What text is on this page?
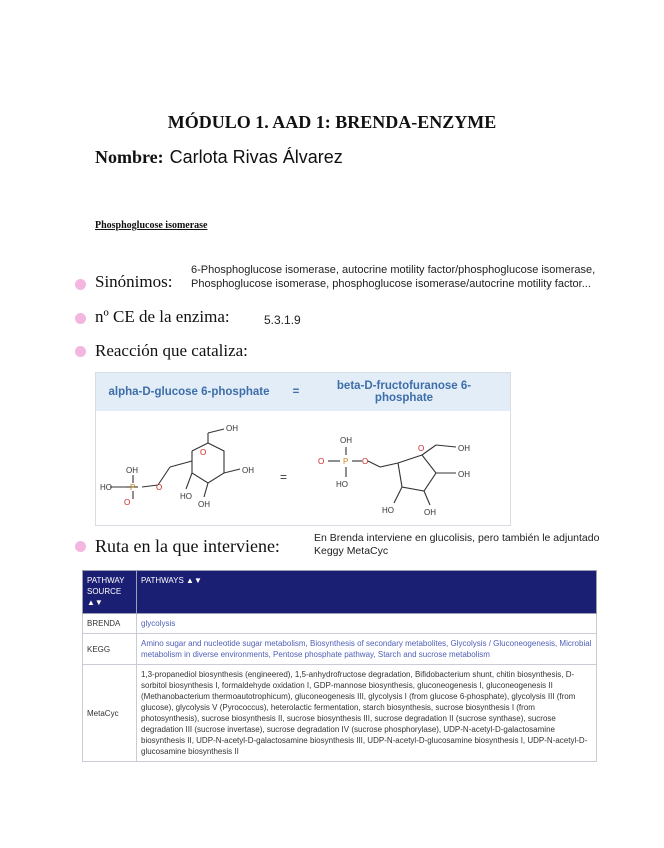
MÓDULO 1. AAD 1: BRENDA-ENZYME
Nombre: Carlota Rivas Álvarez
Phosphoglucose isomerase
Sinónimos:
6-Phosphoglucose isomerase, autocrine motility factor/phosphoglucose isomerase, Phosphoglucose isomerase, phosphoglucose isomerase/autocrine motility factor...
nº CE de la enzima:	5.3.1.9
Reacción que cataliza:
alpha-D-glucose 6-phosphate	=	beta-D-fructofuranose 6-phosphate
O
O
O
OH
OH
OH
HO
OH
HO P
=
O
O
O
OH
OH
OH
HO
OH
HO
P
Ruta en la que interviene:	En Brenda interviene en glucolisis, pero también le adjuntado Keggy MetaCyc
PATHWAY SOURCE ▲▼	PATHWAYS ▲▼
BRENDA	glycolysis
KEGG	Amino sugar and nucleotide sugar metabolism, Biosynthesis of secondary metabolites, Glycolysis / Gluconeogenesis, Microbial metabolism in diverse environments, Pentose phosphate pathway, Starch and sucrose metabolism
MetaCyc	1,3-propanediol biosynthesis (engineered), 1,5-anhydrofructose degradation, Bifidobacterium shunt, chitin biosynthesis, D-sorbitol biosynthesis I, formaldehyde oxidation I, GDP-mannose biosynthesis, gluconeogenesis I, gluconeogenesis II (Methanobacterium thermoautotrophicum), gluconeogenesis III, glycolysis I (from glucose 6-phosphate), glycolysis III (from glucose), glycolysis V (Pyrococcus), heterolactic fermentation, starch biosynthesis, sucrose biosynthesis I (from photosynthesis), sucrose biosynthesis II, sucrose biosynthesis III, sucrose degradation II (sucrose synthase), sucrose degradation III (sucrose invertase), sucrose degradation IV (sucrose phosphorylase), UDP-N-acetyl-D-galactosamine biosynthesis II, UDP-N-acetyl-D-galactosamine biosynthesis III, UDP-N-acetyl-D-glucosamine biosynthesis I, UDP-N-acetyl-D-glucosamine biosynthesis II
